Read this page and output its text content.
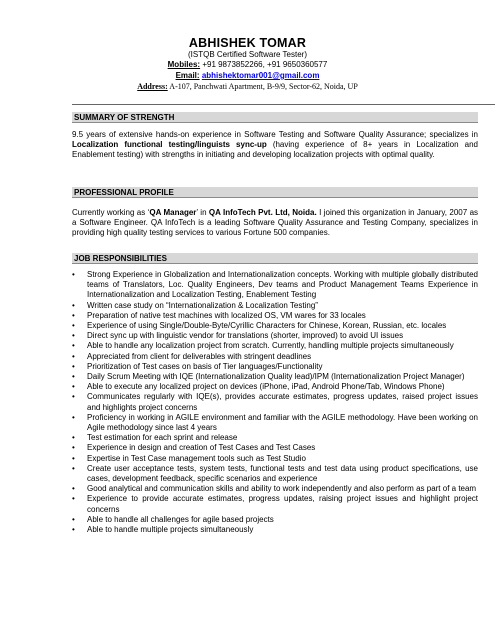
ABHISHEK TOMAR
(ISTQB Certified Software Tester)
Mobiles: +91 9873852266, +91 9650360577
Email: abhishektomar001@gmail.com
Address: A-107, Panchwati Apartment, B-9/9, Sector-62, Noida, UP
SUMMARY OF STRENGTH
9.5 years of extensive hands-on experience in Software Testing and Software Quality Assurance; specializes in Localization functional testing/linguists sync-up (having experience of 8+ years in Localization and Enablement testing) with strengths in initiating and developing localization projects with optimal quality.
PROFESSIONAL PROFILE
Currently working as ‘QA Manager’ in QA InfoTech Pvt. Ltd, Noida. I joined this organization in January, 2007 as a Software Engineer. QA InfoTech is a leading Software Quality Assurance and Testing Company, specializes in providing high quality testing services to various Fortune 500 companies.
JOB RESPONSIBILITIES
• Strong Experience in Globalization and Internationalization concepts. Working with multiple globally distributed teams of Translators, Loc. Quality Engineers, Dev teams and Product Management Teams Experience in Internationalization and Localization Testing, Enablement Testing
• Written case study on “Internationalization & Localization Testing”
• Preparation of native test machines with localized OS, VM wares for 33 locales
• Experience of using Single/Double-Byte/Cyrillic Characters for Chinese, Korean, Russian, etc. locales
• Direct sync up with linguistic vendor for translations (shorter, improved) to avoid UI issues
• Able to handle any localization project from scratch. Currently, handling multiple projects simultaneously
• Appreciated from client for deliverables with stringent deadlines
• Prioritization of Test cases on basis of Tier languages/Functionality
• Daily Scrum Meeting with IQE (Internationalization Quality lead)/IPM (Internationalization Project Manager)
• Able to execute any localized project on devices (iPhone, iPad, Android Phone/Tab, Windows Phone)
• Communicates regularly with IQE(s), provides accurate estimates, progress updates, raised project issues and highlights project concerns
• Proficiency in working in AGILE environment and familiar with the AGILE methodology. Have been working on Agile methodology since last 4 years
• Test estimation for each sprint and release
• Experience in design and creation of Test Cases and Test Cases
• Expertise in Test Case management tools such as Test Studio
• Create user acceptance tests, system tests, functional tests and test data using product specifications, use cases, development feedback, specific scenarios and experience
• Good analytical and communication skills and ability to work independently and also perform as part of a team
• Experience to provide accurate estimates, progress updates, raising project issues and highlight project concerns
• Able to handle all challenges for agile based projects
• Able to handle multiple projects simultaneously
